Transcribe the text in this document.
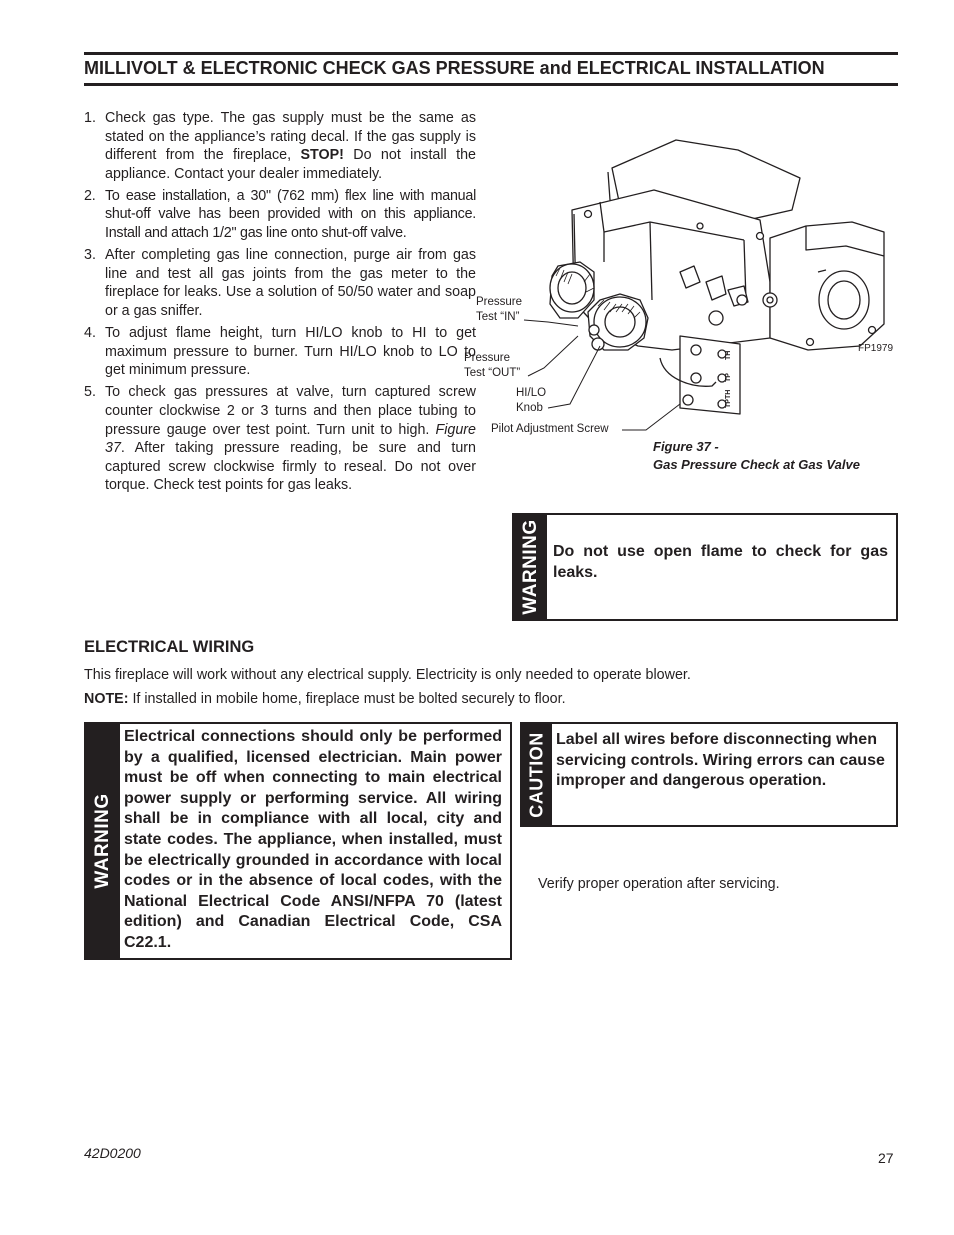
MILLIVOLT & ELECTRONIC CHECK GAS PRESSURE and ELECTRICAL INSTALLATION
1. Check gas type. The gas supply must be the same as stated on the appliance’s rating decal. If the gas supply is different from the fireplace, STOP! Do not install the appliance. Contact your dealer immediately.
2. To ease installation, a 30" (762 mm) flex line with manual shut-off valve has been provided with on this appliance. Install and attach 1/2" gas line onto shut-off valve.
3. After completing gas line connection, purge air from gas line and test all gas joints from the gas meter to the fireplace for leaks. Use a solution of 50/50 water and soap or a gas sniffer.
4. To adjust flame height, turn HI/LO knob to HI to get maximum pressure to burner. Turn HI/LO knob to LO to get minimum pressure.
5. To check gas pressures at valve, turn captured screw counter clockwise 2 or 3 turns and then place tubing to pressure gauge over test point. Turn unit to high. Figure 37. After taking pressure reading, be sure and turn captured screw clockwise firmly to reseal. Do not over torque. Check test points for gas leaks.
TPTH
TP
TH
Pressure
Test “IN”
Pressure
Test “OUT”
HI/LO
Knob
Pilot Adjustment Screw
FP1979
Figure 37 -
Gas Pressure Check at Gas Valve
WARNING Do not use open flame to check for gas leaks.
ELECTRICAL WIRING

This fireplace will work without any electrical supply. Electricity is only needed to operate blower.

NOTE: If installed in mobile home, fireplace must be bolted securely to floor.

WARNING
Electrical connections should only be performed by a qualified, licensed electrician. Main power must be off when connecting to main electrical power supply or performing service. All wiring shall be in compliance with all local, city and state codes. The appliance, when installed, must be electrically grounded in accordance with local codes or in the absence of local codes, with the National Electrical Code ANSI/NFPA 70 (latest edition) and Canadian Electrical Code, CSA C22.1.
CAUTION Label all wires before disconnecting when servicing controls. Wiring errors can cause improper and dangerous operation.
Verify proper operation after servicing.
42D0200	27
